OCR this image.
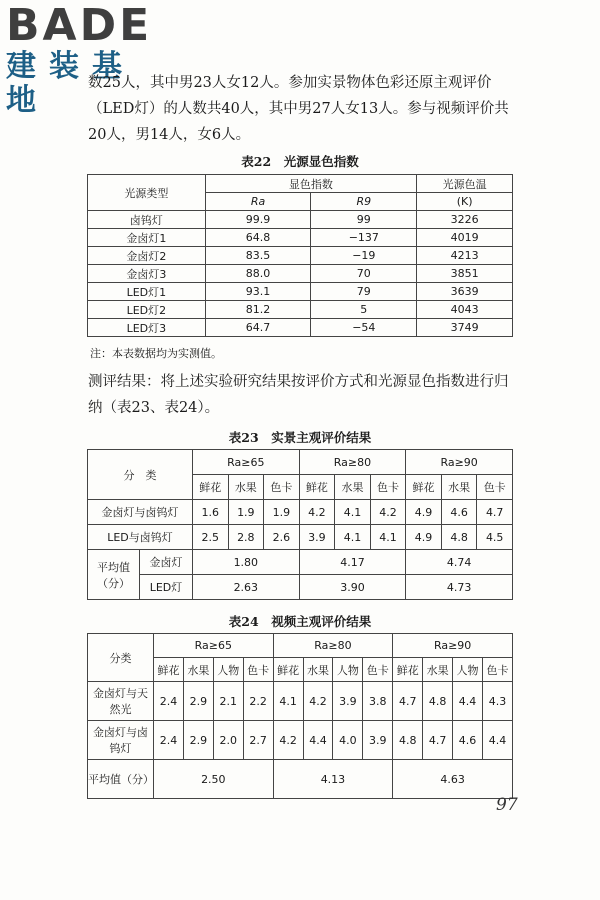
BADE
建装基地	数25人，其中男23人女12人。参加实景物体色彩还原主观评价（LED灯）的人数共40人，其中男27人女13人。参与视频评价共20人，男14人，女6人。

表22　光源显色指数
光源类型	显色指数		光源色温
	Ra	R9	(K)
卤钨灯	99.9	99	3226
金卤灯1	64.8	−137	4019
金卤灯2	83.5	−19	4213
金卤灯3	88.0	70	3851
LED灯1	93.1	79	3639
LED灯2	81.2	5	4043
LED灯3	64.7	−54	3749
注：本表数据均为实测值。

测评结果：将上述实验研究结果按评价方式和光源显色指数进行归纳（表23、表24）。

表23　实景主观评价结果
分　类		Ra≥65			Ra≥80			Ra≥90		
		鲜花	水果	色卡	鲜花	水果	色卡	鲜花	水果	色卡
金卤灯与卤钨灯		1.6	1.9	1.9	4.2	4.1	4.2	4.9	4.6	4.7
LED与卤钨灯		2.5	2.8	2.6	3.9	4.1	4.1	4.9	4.8	4.5
平均值（分）	金卤灯	1.80			4.17			4.74		
	LED灯	2.63			3.90			4.73		
表24　视频主观评价结果
分类	Ra≥65				Ra≥80				Ra≥90			
	鲜花	水果	人物	色卡	鲜花	水果	人物	色卡	鲜花	水果	人物	色卡
金卤灯与天然光	2.4	2.9	2.1	2.2	4.1	4.2	3.9	3.8	4.7	4.8	4.4	4.3
金卤灯与卤钨灯	2.4	2.9	2.0	2.7	4.2	4.4	4.0	3.9	4.8	4.7	4.6	4.4
平均值（分）	2.50				4.13				4.63			
97
